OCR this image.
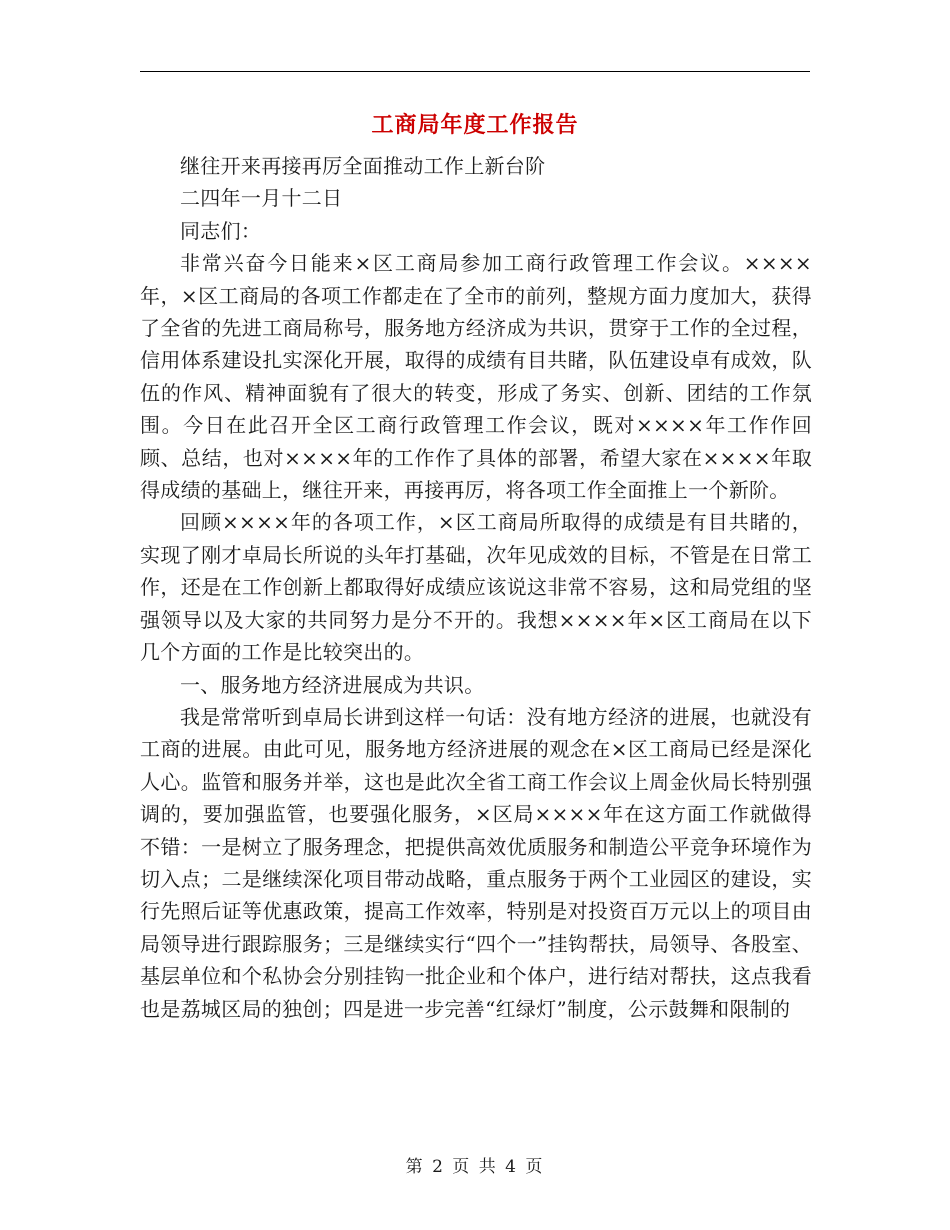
工商局年度工作报告

继往开来再接再厉全面推动工作上新台阶

二四年一月十二日

同志们：

非常兴奋今日能来×区工商局参加工商行政管理工作会议。××××年，×区工商局的各项工作都走在了全市的前列，整规方面力度加大，获得了全省的先进工商局称号，服务地方经济成为共识，贯穿于工作的全过程，信用体系建设扎实深化开展，取得的成绩有目共睹，队伍建设卓有成效，队伍的作风、精神面貌有了很大的转变，形成了务实、创新、团结的工作氛围。今日在此召开全区工商行政管理工作会议，既对××××年工作作回顾、总结，也对××××年的工作作了具体的部署，希望大家在××××年取得成绩的基础上，继往开来，再接再厉，将各项工作全面推上一个新阶。

回顾××××年的各项工作，×区工商局所取得的成绩是有目共睹的，实现了刚才卓局长所说的头年打基础，次年见成效的目标，不管是在日常工作，还是在工作创新上都取得好成绩应该说这非常不容易，这和局党组的坚强领导以及大家的共同努力是分不开的。我想××××年×区工商局在以下几个方面的工作是比较突出的。

一、服务地方经济进展成为共识。

我是常常听到卓局长讲到这样一句话：没有地方经济的进展，也就没有工商的进展。由此可见，服务地方经济进展的观念在×区工商局已经是深化人心。监管和服务并举，这也是此次全省工商工作会议上周金伙局长特别强调的，要加强监管，也要强化服务，×区局××××年在这方面工作就做得不错：一是树立了服务理念，把提供高效优质服务和制造公平竞争环境作为切入点；二是继续深化项目带动战略，重点服务于两个工业园区的建设，实行先照后证等优惠政策，提高工作效率，特别是对投资百万元以上的项目由局领导进行跟踪服务；三是继续实行“四个一”挂钩帮扶，局领导、各股室、基层单位和个私协会分别挂钩一批企业和个体户，进行结对帮扶，这点我看也是荔城区局的独创；四是进一步完善“红绿灯”制度，公示鼓舞和限制的

第 2 页 共 4 页
